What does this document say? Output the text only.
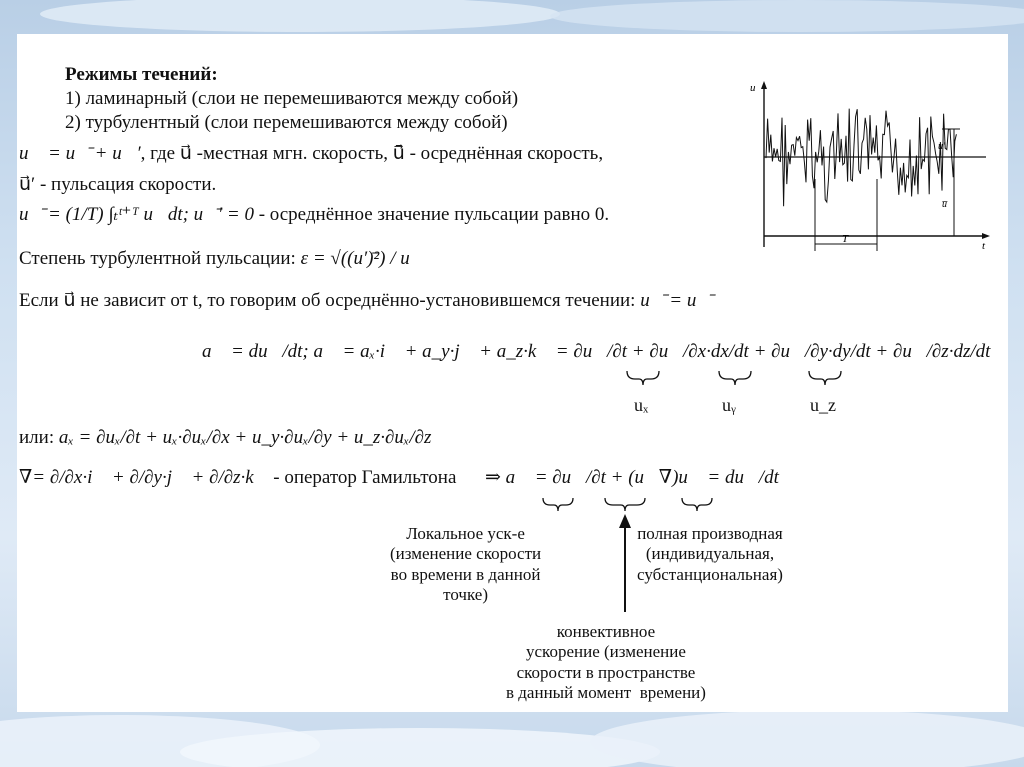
Режимы течений:
1) ламинарный (слои не перемешиваются между собой)
2) турбулентный (слои перемешиваются между собой)
u⃗ = u⃗̄ + u⃗′, где u⃗ -местная мгн. скорость, u⃗̄ - осреднённая скорость,
u⃗′ - пульсация скорости.
u⃗̄ = (1/T) ∫ₜᵗ⁺ᵀ u⃗dt; u⃗̄′ = 0 - осреднённое значение пульсации равно 0.
Степень турбулентной пульсации: ε = √((u′)̄²) / u
Если u⃗ не зависит от t, то говорим об осреднённо-установившемся течении: u⃗̄̄ = u⃗̄
a⃗ = du⃗/dt; a⃗ = aₓ·i⃗ + a_y·j⃗ + a_z·k⃗ = ∂u⃗/∂t + ∂u⃗/∂x·dx/dt + ∂u⃗/∂y·dy/dt + ∂u⃗/∂z·dz/dt
uₓ	uᵧ	u_z
или: aₓ = ∂uₓ/∂t + uₓ·∂uₓ/∂x + u_y·∂uₓ/∂y + u_z·∂uₓ/∂z
∇= ∂/∂x·i⃗ + ∂/∂y·j⃗ + ∂/∂z·k⃗ - оператор Гамильтона ⇒ a⃗ = ∂u⃗/∂t + (u⃗∇)u⃗ = du⃗/dt
Локальное уск-е
(изменение скорости
во времени в данной
точке)
полная производная
(индивидуальная,
субстанциональная)
конвективное
ускорение (изменение
скорости в пространстве
в данный момент  времени)
u
t
T
u′
u̅
